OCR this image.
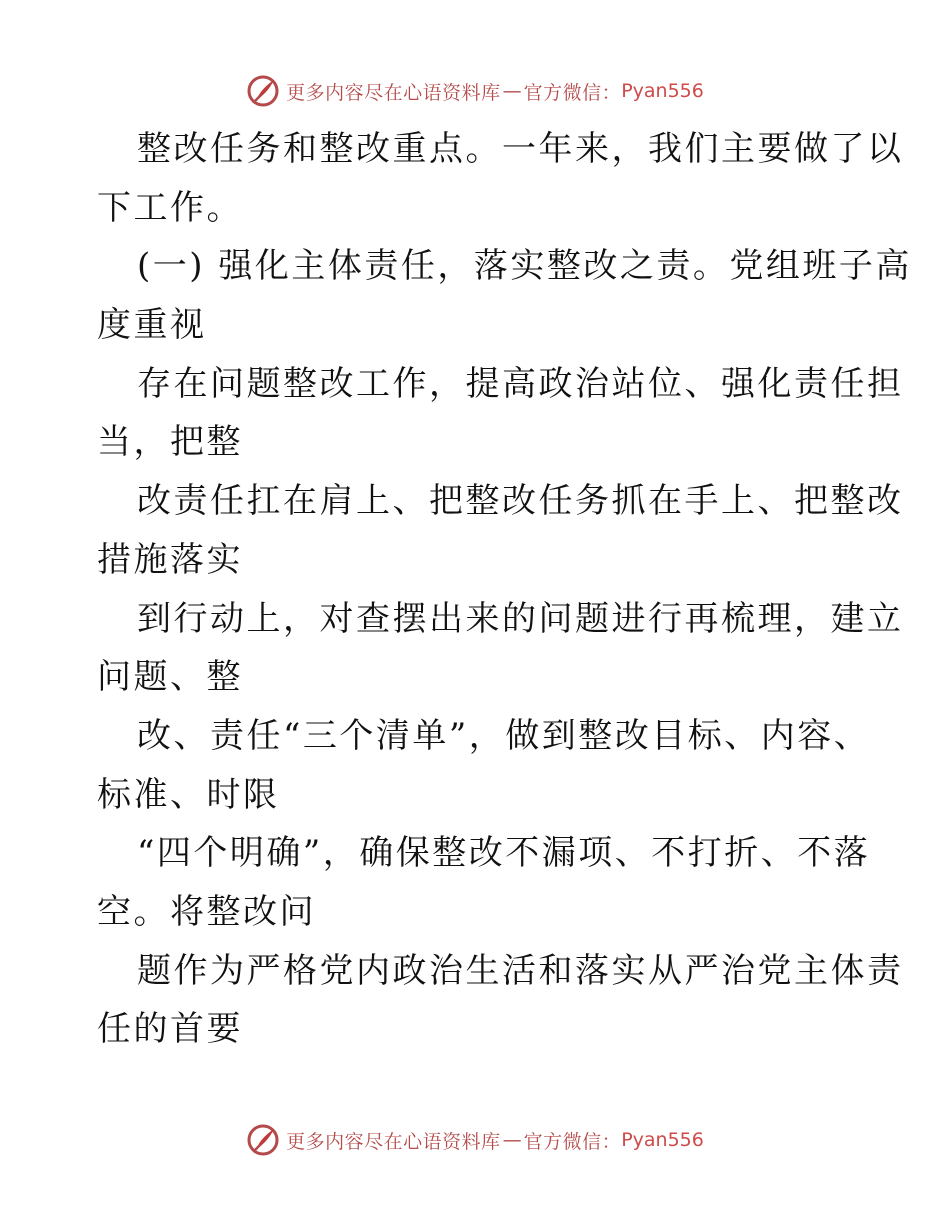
更多内容尽在心语资料库 — 官方微信： Pyan556
整改任务和整改重点。一年来，我们主要做了以
下工作。
(一) 强化主体责任，落实整改之责。党组班子高
度重视
存在问题整改工作，提高政治站位、强化责任担
当，把整
改责任扛在肩上、把整改任务抓在手上、把整改
措施落实
到行动上，对查摆出来的问题进行再梳理，建立
问题、整
改、责任“三个清单”，做到整改目标、内容、
标准、时限
“四个明确”，确保整改不漏项、不打折、不落
空。将整改问
题作为严格党内政治生活和落实从严治党主体责
任的首要
更多内容尽在心语资料库 — 官方微信： Pyan556
